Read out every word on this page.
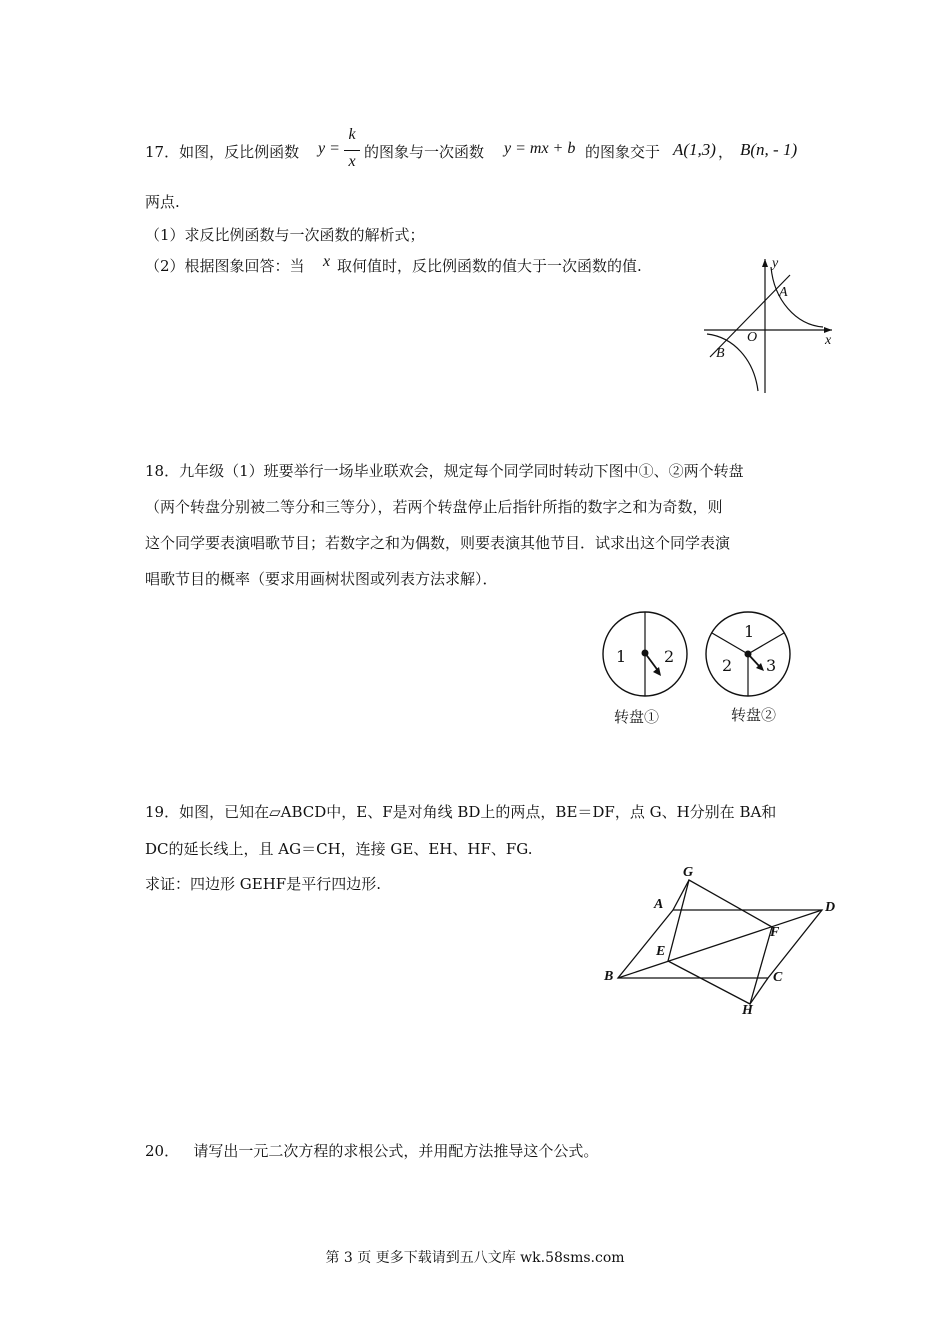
17．如图，反比例函数 y =
k
x
的图象与一次函数 y = mx + b 的图象交于 A(1,3) ， B(n, - 1)
两点.
（1）求反比例函数与一次函数的解析式；
（2）根据图象回答：当 x 取何值时，反比例函数的值大于一次函数的值.	y
A
O	x
B
18．九年级（1）班要举行一场毕业联欢会，规定每个同学同时转动下图中①、②两个转盘
（两个转盘分别被二等分和三等分），若两个转盘停止后指针所指的数字之和为奇数，则
这个同学要表演唱歌节目；若数字之和为偶数，则要表演其他节目．试求出这个同学表演
唱歌节目的概率（要求用画树状图或列表方法求解）．
1 2
1
2 3
转盘①	转盘②
19．如图，已知在▱ABCD中，E、F是对角线 BD上的两点，BE＝DF，点 G、H分别在 BA和
DC的延长线上，且 AG＝CH，连接 GE、EH、HF、FG.
求证：四边形 GEHF是平行四边形.
G
A	D
F
E
B	C
H
20．   请写出一元二次方程的求根公式，并用配方法推导这个公式。
第 3 页 更多下载请到五八文库 wk.58sms.com
